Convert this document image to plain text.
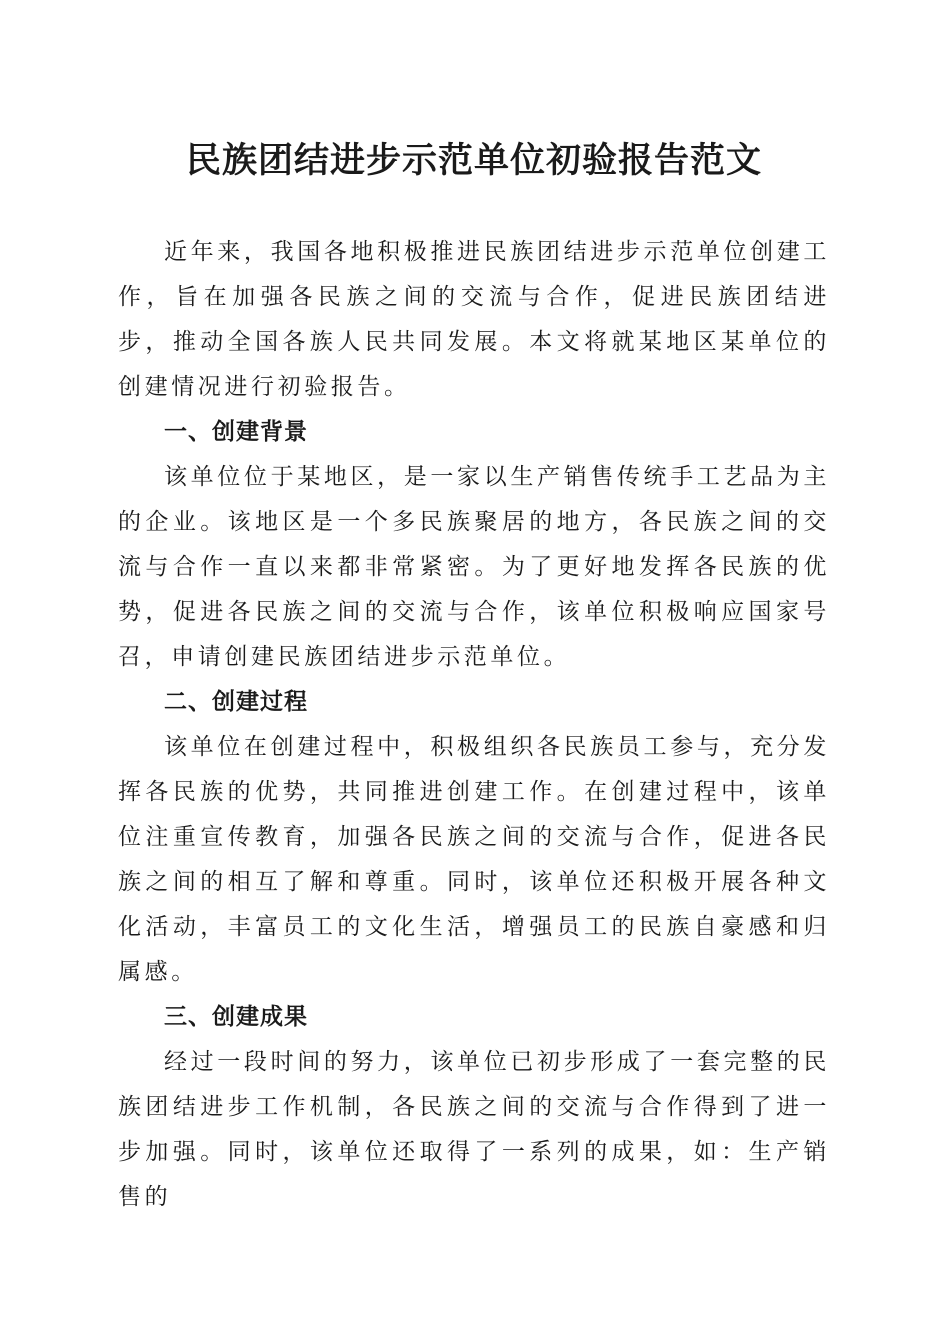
民族团结进步示范单位初验报告范文

近年来，我国各地积极推进民族团结进步示范单位创建工作，旨在加强各民族之间的交流与合作，促进民族团结进步，推动全国各族人民共同发展。本文将就某地区某单位的创建情况进行初验报告。

一、创建背景

该单位位于某地区，是一家以生产销售传统手工艺品为主的企业。该地区是一个多民族聚居的地方，各民族之间的交流与合作一直以来都非常紧密。为了更好地发挥各民族的优势，促进各民族之间的交流与合作，该单位积极响应国家号召，申请创建民族团结进步示范单位。

二、创建过程

该单位在创建过程中，积极组织各民族员工参与，充分发挥各民族的优势，共同推进创建工作。在创建过程中，该单位注重宣传教育，加强各民族之间的交流与合作，促进各民族之间的相互了解和尊重。同时，该单位还积极开展各种文化活动，丰富员工的文化生活，增强员工的民族自豪感和归属感。

三、创建成果

经过一段时间的努力，该单位已初步形成了一套完整的民族团结进步工作机制，各民族之间的交流与合作得到了进一步加强。同时，该单位还取得了一系列的成果，如：生产销售的
